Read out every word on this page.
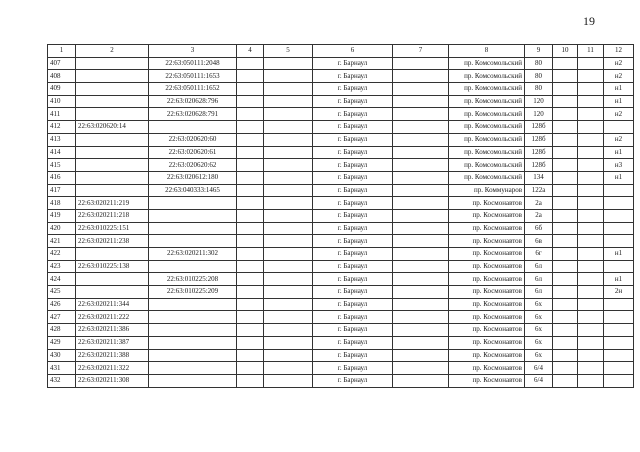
19
1	2	3	4	5	6	7	8	9	10	11	12
407		22:63:050111:2048			г. Барнаул		пр. Комсомольский	80			н2
408		22:63:050111:1653			г. Барнаул		пр. Комсомольский	80			н2
409		22:63:050111:1652			г. Барнаул		пр. Комсомольский	80			н1
410		22:63:020628:796			г. Барнаул		пр. Комсомольский	120			н1
411		22:63:020628:791			г. Барнаул		пр. Комсомольский	120			н2
412	22:63:020620:14				г. Барнаул		пр. Комсомольский	128б			
413		22:63:020620:60			г. Барнаул		пр. Комсомольский	128б			н2
414		22:63:020620:61			г. Барнаул		пр. Комсомольский	128б			н1
415		22:63:020620:62			г. Барнаул		пр. Комсомольский	128б			н3
416		22:63:020612:180			г. Барнаул		пр. Комсомольский	134			н1
417		22:63:040333:1465			г. Барнаул		пр. Коммунаров	122а			
418	22:63:020211:219				г. Барнаул		пр. Космонавтов	2а			
419	22:63:020211:218				г. Барнаул		пр. Космонавтов	2а			
420	22:63:010225:151				г. Барнаул		пр. Космонавтов	6б			
421	22:63:020211:238				г. Барнаул		пр. Космонавтов	6в			
422		22:63:020211:302			г. Барнаул		пр. Космонавтов	6г			н1
423	22:63:010225:138				г. Барнаул		пр. Космонавтов	6л			
424		22:63:010225:208			г. Барнаул		пр. Космонавтов	6л			н1
425		22:63:010225:209			г. Барнаул		пр. Космонавтов	6л			2н
426	22:63:020211:344				г. Барнаул		пр. Космонавтов	6х			
427	22:63:020211:222				г. Барнаул		пр. Космонавтов	6х			
428	22:63:020211:386				г. Барнаул		пр. Космонавтов	6х			
429	22:63:020211:387				г. Барнаул		пр. Космонавтов	6х			
430	22:63:020211:388				г. Барнаул		пр. Космонавтов	6х			
431	22:63:020211:322				г. Барнаул		пр. Космонавтов	6/4			
432	22:63:020211:308				г. Барнаул		пр. Космонавтов	6/4			
